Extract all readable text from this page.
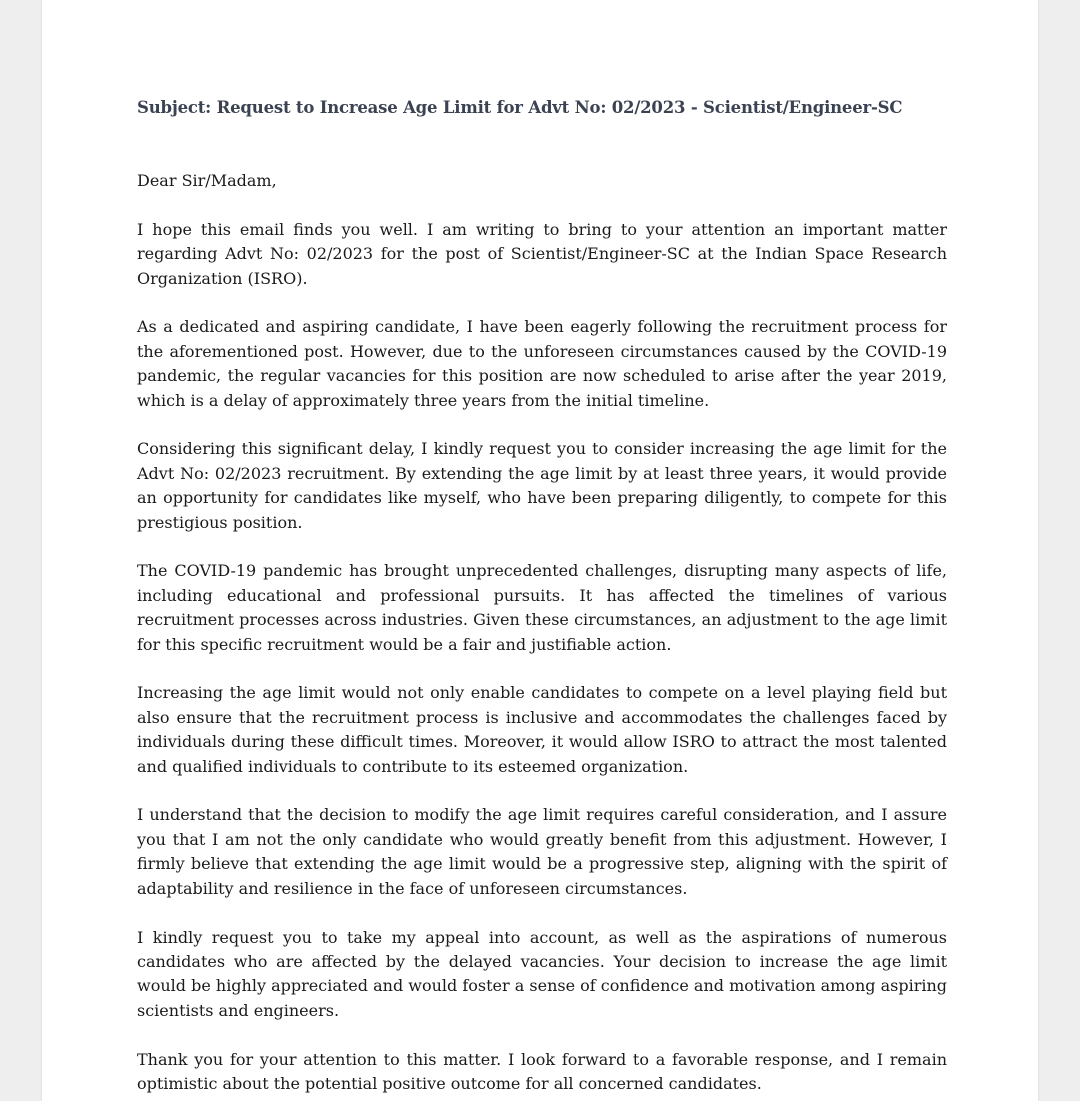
Subject: Request to Increase Age Limit for Advt No: 02/2023 - Scientist/Engineer-SC

Dear Sir/Madam,

I hope this email finds you well. I am writing to bring to your attention an important matter regarding Advt No: 02/2023 for the post of Scientist/Engineer-SC at the Indian Space Research Organization (ISRO).

As a dedicated and aspiring candidate, I have been eagerly following the recruitment process for the aforementioned post. However, due to the unforeseen circumstances caused by the COVID-19 pandemic, the regular vacancies for this position are now scheduled to arise after the year 2019, which is a delay of approximately three years from the initial timeline.

Considering this significant delay, I kindly request you to consider increasing the age limit for the Advt No: 02/2023 recruitment. By extending the age limit by at least three years, it would provide an opportunity for candidates like myself, who have been preparing diligently, to compete for this prestigious position.

The COVID-19 pandemic has brought unprecedented challenges, disrupting many aspects of life, including educational and professional pursuits. It has affected the timelines of various recruitment processes across industries. Given these circumstances, an adjustment to the age limit for this specific recruitment would be a fair and justifiable action.

Increasing the age limit would not only enable candidates to compete on a level playing field but also ensure that the recruitment process is inclusive and accommodates the challenges faced by individuals during these difficult times. Moreover, it would allow ISRO to attract the most talented and qualified individuals to contribute to its esteemed organization.

I understand that the decision to modify the age limit requires careful consideration, and I assure you that I am not the only candidate who would greatly benefit from this adjustment. However, I firmly believe that extending the age limit would be a progressive step, aligning with the spirit of adaptability and resilience in the face of unforeseen circumstances.

I kindly request you to take my appeal into account, as well as the aspirations of numerous candidates who are affected by the delayed vacancies. Your decision to increase the age limit would be highly appreciated and would foster a sense of confidence and motivation among aspiring scientists and engineers.

Thank you for your attention to this matter. I look forward to a favorable response, and I remain optimistic about the potential positive outcome for all concerned candidates.
